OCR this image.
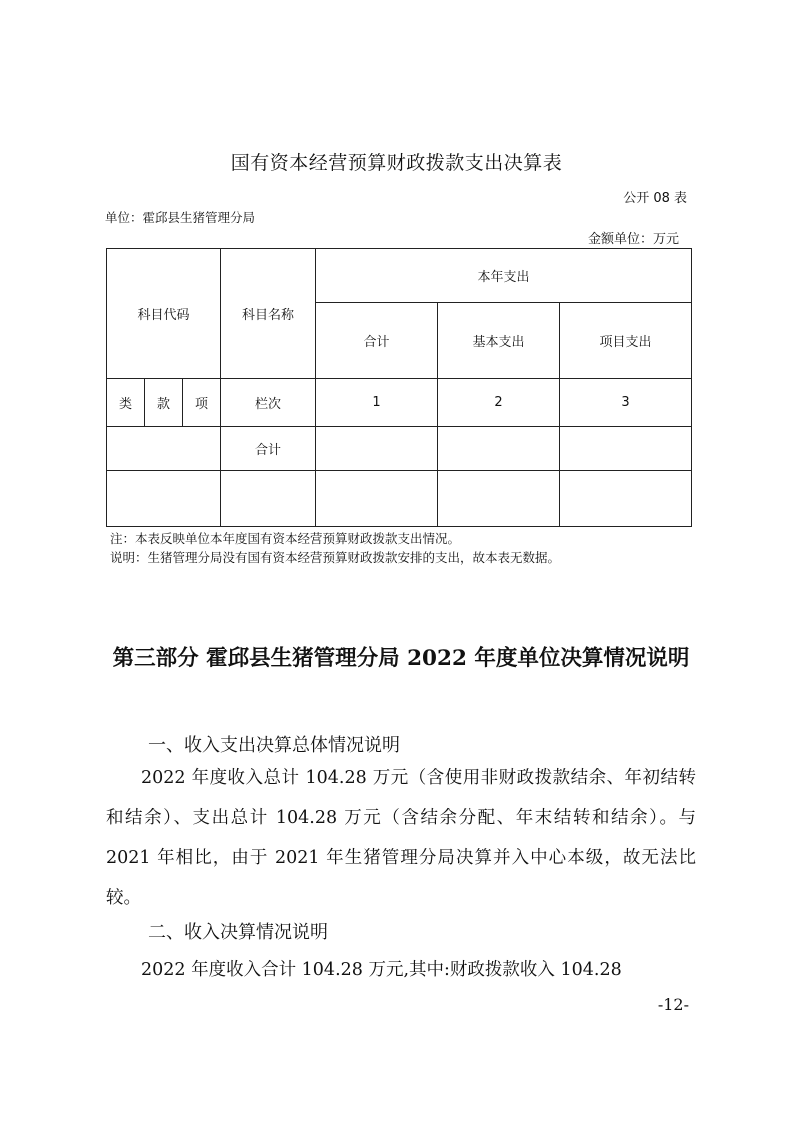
国有资本经营预算财政拨款支出决算表
公开 08 表
单位：霍邱县生猪管理分局
金额单位：万元
科目代码			科目名称	本年支出		
				合计	基本支出	项目支出
类	款	项	栏次	1	2	3
			合计			

注：本表反映单位本年度国有资本经营预算财政拨款支出情况。
说明：生猪管理分局没有国有资本经营预算财政拨款安排的支出，故本表无数据。
第三部分 霍邱县生猪管理分局 2022 年度单位决算情况说明
一、收入支出决算总体情况说明
2022 年度收入总计 104.28 万元（含使用非财政拨款结余、年初结转和结余）、支出总计 104.28 万元（含结余分配、年末结转和结余）。与 2021 年相比，由于 2021 年生猪管理分局决算并入中心本级，故无法比较。
二、收入决算情况说明
2022 年度收入合计 104.28 万元,其中:财政拨款收入 104.28
-12-
